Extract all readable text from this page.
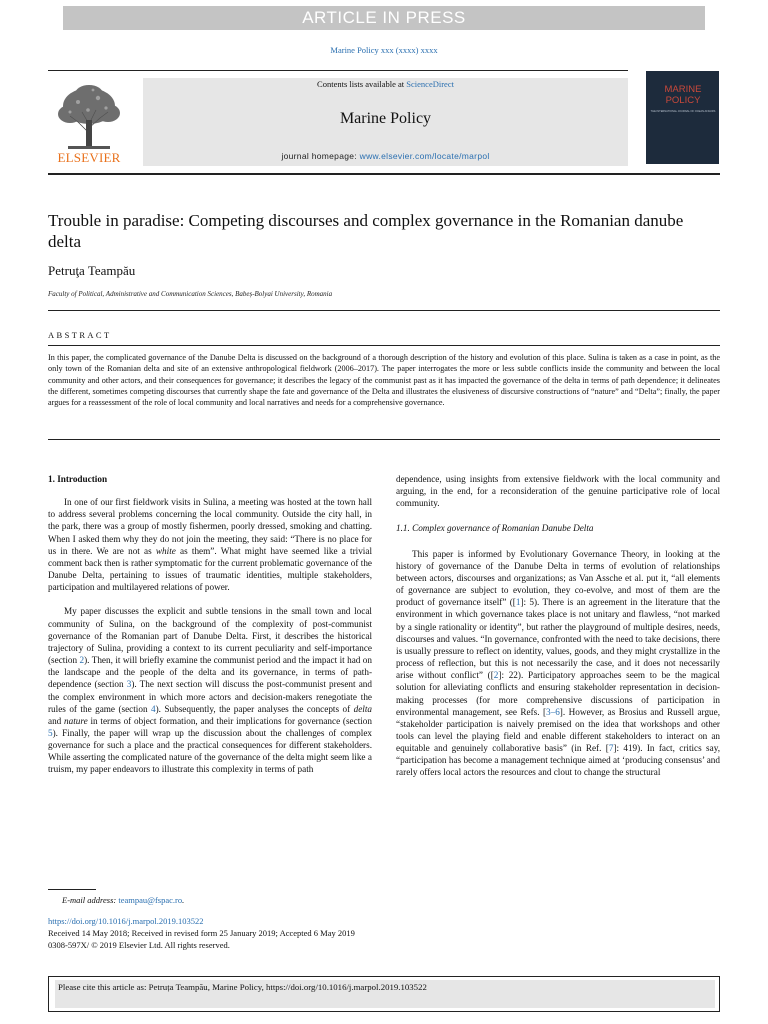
ARTICLE IN PRESS
Marine Policy xxx (xxxx) xxxx
ELSEVIER
Contents lists available at ScienceDirect
Marine Policy
journal homepage: www.elsevier.com/locate/marpol
MARINE POLICY
THE INTERNATIONAL JOURNAL OF OCEAN AFFAIRS
Trouble in paradise: Competing discourses and complex governance in the Romanian danube delta
Petruţa Teampău
Faculty of Political, Administrative and Communication Sciences, Babeș-Bolyai University, Romania
ABSTRACT
In this paper, the complicated governance of the Danube Delta is discussed on the background of a thorough description of the history and evolution of this place. Sulina is taken as a case in point, as the only town of the Romanian delta and site of an extensive anthropological fieldwork (2006–2017). The paper interrogates the more or less subtle conflicts inside the community and between the local community and other actors, and their consequences for governance; it describes the legacy of the communist past as it has impacted the governance of the delta in terms of path dependence; it delineates the different, sometimes competing discourses that currently shape the fate and governance of the Delta and illustrates the elusiveness of discursive constructions of “nature” and “Delta”; finally, the paper argues for a reassessment of the role of local community and local narratives and needs for a comprehensive governance.
1. Introduction

In one of our first fieldwork visits in Sulina, a meeting was hosted at the town hall to address several problems concerning the local community. Outside the city hall, in the park, there was a group of mostly fishermen, poorly dressed, smoking and chatting. When I asked them why they do not join the meeting, they said: “There is no place for us in there. We are not as white as them”. What might have seemed like a trivial comment back then is rather symptomatic for the current problematic governance of the Danube Delta, pertaining to issues of traumatic identities, multiple stakeholders, participation and multilayered relations of power.

My paper discusses the explicit and subtle tensions in the small town and local community of Sulina, on the background of the complexity of post-communist governance of the Romanian part of Danube Delta. First, it describes the historical trajectory of Sulina, providing a context to its current peculiarity and self-importance (section 2). Then, it will briefly examine the communist period and the impact it had on the landscape and the people of the delta and its governance, in terms of path-dependence (section 3). The next section will discuss the post-communist present and the complex environment in which more actors and decision-makers renegotiate the rules of the game (section 4). Subsequently, the paper analyses the concepts of delta and nature in terms of object formation, and their implications for governance (section 5). Finally, the paper will wrap up the discussion about the challenges of complex governance for such a place and the practical consequences for different stakeholders. While asserting the complicated nature of the governance of the delta might seem like a truism, my paper endeavors to illustrate this complexity in terms of path

dependence, using insights from extensive fieldwork with the local community and arguing, in the end, for a reconsideration of the genuine participative role of local community.

1.1. Complex governance of Romanian Danube Delta

This paper is informed by Evolutionary Governance Theory, in looking at the history of governance of the Danube Delta in terms of evolution of relationships between actors, discourses and organizations; as Van Assche et al. put it, “all elements of governance are subject to evolution, they co-evolve, and most of them are the product of governance itself” ([1]: 5). There is an agreement in the literature that the environment in which governance takes place is not unitary and flawless, “not marked by a single rationality or identity”, but rather the playground of multiple desires, needs, discourses and values. “In governance, confronted with the need to take decisions, there is usually pressure to reflect on identity, values, goods, and they might crystallize in the process of reflection, but this is not necessarily the case, and it does not necessarily arise without conflict” ([2]: 22). Participatory approaches seem to be the magical solution for alleviating conflicts and ensuring stakeholder representation in decision-making processes (for more comprehensive discussions of participation in environmental management, see Refs. [3–6]. However, as Brosius and Russell argue, “stakeholder participation is naively premised on the idea that workshops and other tools can level the playing field and enable different stakeholders to interact on an equitable and genuinely collaborative basis” (in Ref. [7]: 419). In fact, critics say, “participation has become a management technique aimed at ‘producing consensus’ and rarely offers local actors the resources and clout to change the structural

E-mail address: teampau@fspac.ro.
https://doi.org/10.1016/j.marpol.2019.103522
Received 14 May 2018; Received in revised form 25 January 2019; Accepted 6 May 2019
0308-597X/ © 2019 Elsevier Ltd. All rights reserved.
Please cite this article as: Petruța Teampău, Marine Policy, https://doi.org/10.1016/j.marpol.2019.103522
